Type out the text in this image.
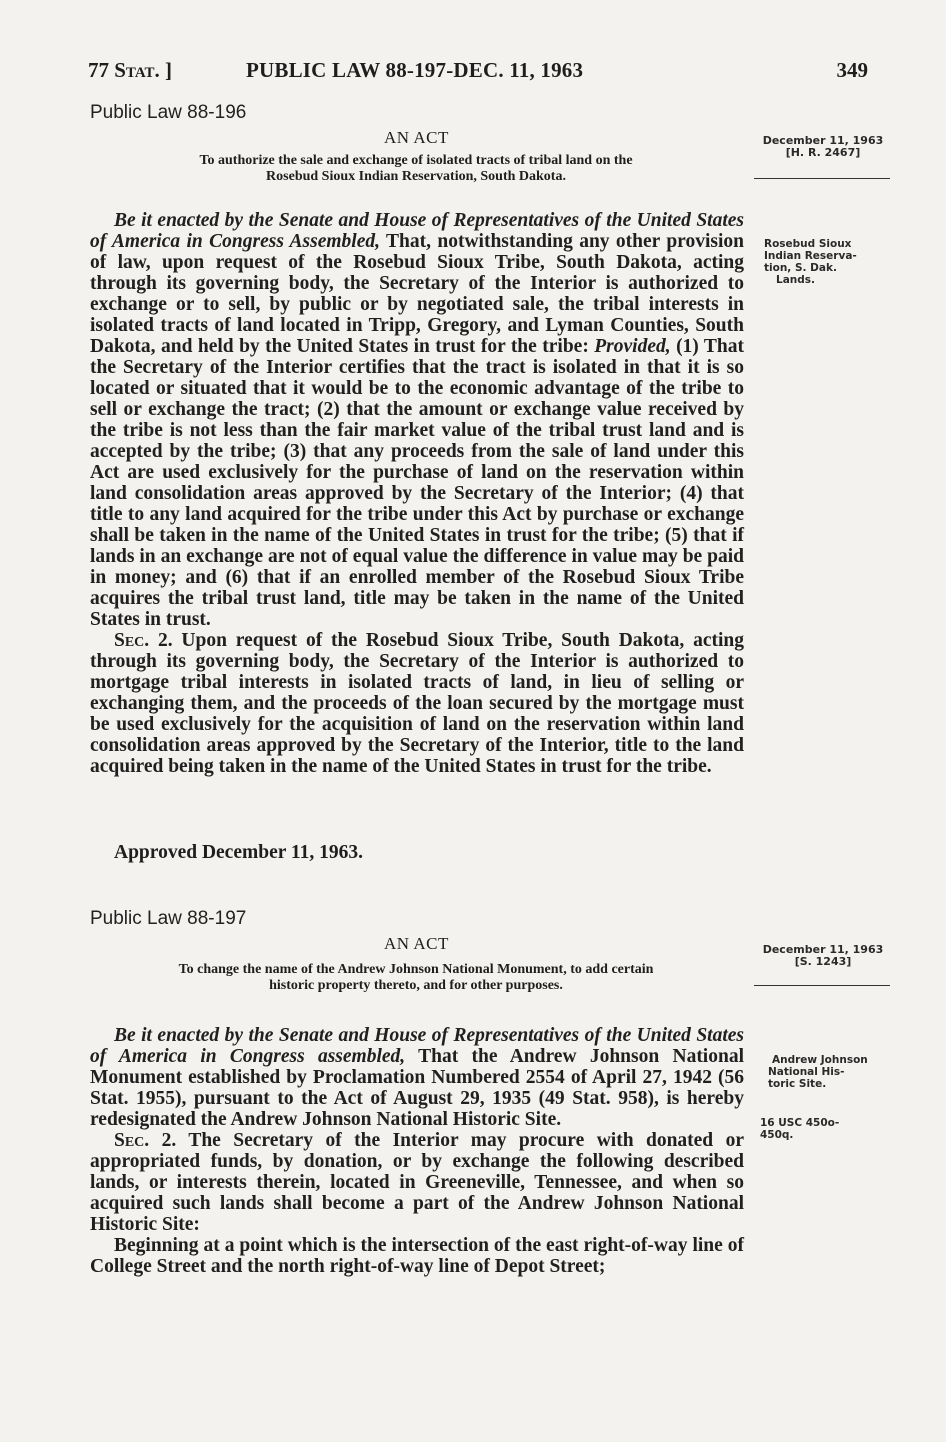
77 Stat. ]	PUBLIC LAW 88-197-DEC. 11, 1963	349
Public Law 88-196
AN ACT	December 11, 1963
[H. R. 2467]
To authorize the sale and exchange of isolated tracts of tribal land on the
Rosebud Sioux Indian Reservation, South Dakota.

Be it enacted by the Senate and House of Representatives of the United States of America in Congress Assembled, That, notwithstanding any other provision of law, upon request of the Rosebud Sioux Tribe, South Dakota, acting through its governing body, the Secretary of the Interior is authorized to exchange or to sell, by public or by negotiated sale, the tribal interests in isolated tracts of land located in Tripp, Gregory, and Lyman Counties, South Dakota, and held by the United States in trust for the tribe: Provided, (1) That the Secretary of the Interior certifies that the tract is isolated in that it is so located or situated that it would be to the economic advantage of the tribe to sell or exchange the tract; (2) that the amount or exchange value received by the tribe is not less than the fair market value of the tribal trust land and is accepted by the tribe; (3) that any proceeds from the sale of land under this Act are used exclusively for the purchase of land on the reservation within land consolidation areas approved by the Secretary of the Interior; (4) that title to any land acquired for the tribe under this Act by purchase or exchange shall be taken in the name of the United States in trust for the tribe; (5) that if lands in an exchange are not of equal value the difference in value may be paid in money; and (6) that if an enrolled member of the Rosebud Sioux Tribe acquires the tribal trust land, title may be taken in the name of the United States in trust.

Sec. 2. Upon request of the Rosebud Sioux Tribe, South Dakota, acting through its governing body, the Secretary of the Interior is authorized to mortgage tribal interests in isolated tracts of land, in lieu of selling or exchanging them, and the proceeds of the loan secured by the mortgage must be used exclusively for the acquisition of land on the reservation within land consolidation areas approved by the Secretary of the Interior, title to the land acquired being taken in the name of the United States in trust for the tribe.

Approved December 11, 1963.
Rosebud Sioux
Indian Reserva-
tion, S. Dak.
Lands.
Public Law 88-197
AN ACT	December 11, 1963
[S. 1243]
To change the name of the Andrew Johnson National Monument, to add certain
historic property thereto, and for other purposes.

Be it enacted by the Senate and House of Representatives of the United States of America in Congress assembled, That the Andrew Johnson National Monument established by Proclamation Numbered 2554 of April 27, 1942 (56 Stat. 1955), pursuant to the Act of August 29, 1935 (49 Stat. 958), is hereby redesignated the Andrew Johnson National Historic Site.

Sec. 2. The Secretary of the Interior may procure with donated or appropriated funds, by donation, or by exchange the following described lands, or interests therein, located in Greeneville, Tennessee, and when so acquired such lands shall become a part of the Andrew Johnson National Historic Site:

Beginning at a point which is the intersection of the east right-of-way line of College Street and the north right-of-way line of Depot Street;

Andrew Johnson
National His-
toric Site.
16 USC 450o-
450q.
